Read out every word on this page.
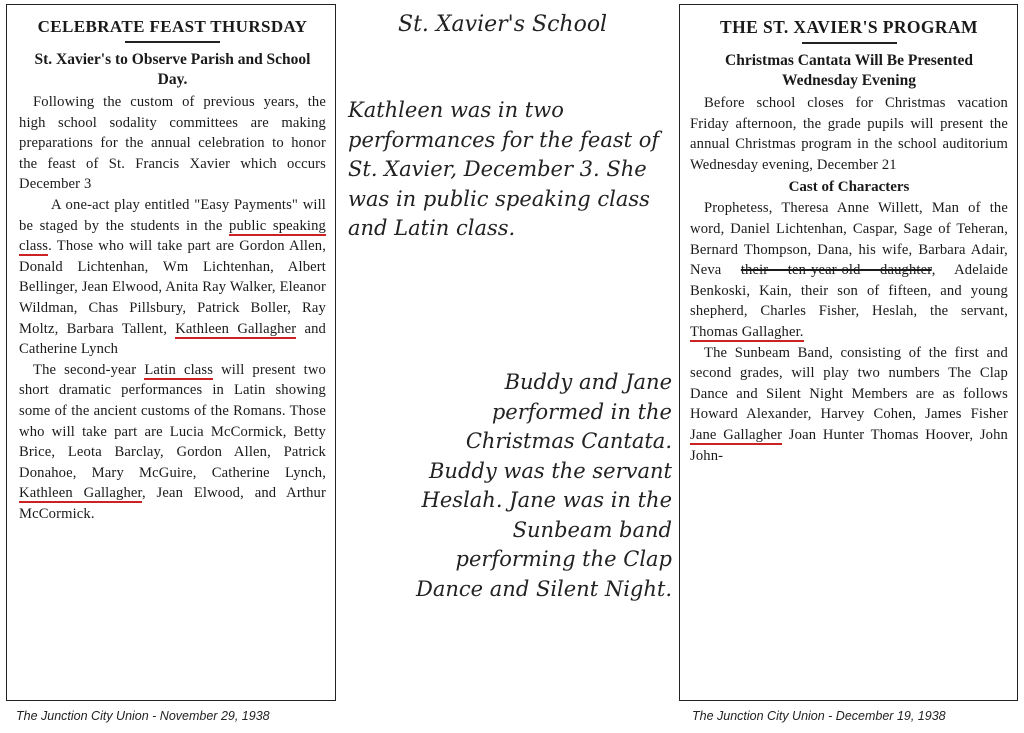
CELEBRATE FEAST THURSDAY
St. Xavier's to Observe Parish and School Day.

Following the custom of previous years, the high school sodality committees are making preparations for the annual celebration to honor the feast of St. Francis Xavier which occurs December 3

A one-act play entitled "Easy Payments" will be staged by the students in the public speaking class. Those who will take part are Gordon Allen, Donald Lichtenhan, Wm Lichtenhan, Albert Bellinger, Jean Elwood, Anita Ray Walker, Eleanor Wildman, Chas Pillsbury, Patrick Boller, Ray Moltz, Barbara Tallent, Kathleen Gallagher and Catherine Lynch

The second-year Latin class will present two short dramatic performances in Latin showing some of the ancient customs of the Romans. Those who will take part are Lucia McCormick, Betty Brice, Leota Barclay, Gordon Allen, Patrick Donahoe, Mary McGuire, Catherine Lynch, Kathleen Gallagher, Jean Elwood, and Arthur McCormick.

The Junction City Union - November 29, 1938
St. Xavier's School
Kathleen was in two performances for the feast of St. Xavier, December 3. She was in public speaking class and Latin class.
Buddy and Jane performed in the Christmas Cantata. Buddy was the servant Heslah. Jane was in the Sunbeam band performing the Clap Dance and Silent Night.
THE ST. XAVIER'S PROGRAM
Christmas Cantata Will Be Presented Wednesday Evening

Before school closes for Christmas vacation Friday afternoon, the grade pupils will present the annual Christmas program in the school auditorium Wednesday evening, December 21

Cast of Characters

Prophetess, Theresa Anne Willett, Man of the word, Daniel Lichtenhan, Caspar, Sage of Teheran, Bernard Thompson, Dana, his wife, Barbara Adair, Neva their ten-year-old daughter, Adelaide Benkoski, Kain, their son of fifteen, and young shepherd, Charles Fisher, Heslah, the servant, Thomas Gallagher.

The Sunbeam Band, consisting of the first and second grades, will play two numbers The Clap Dance and Silent Night Members are as follows Howard Alexander, Harvey Cohen, James Fisher Jane Gallagher Joan Hunter Thomas Hoover, John John-

The Junction City Union - December 19, 1938
